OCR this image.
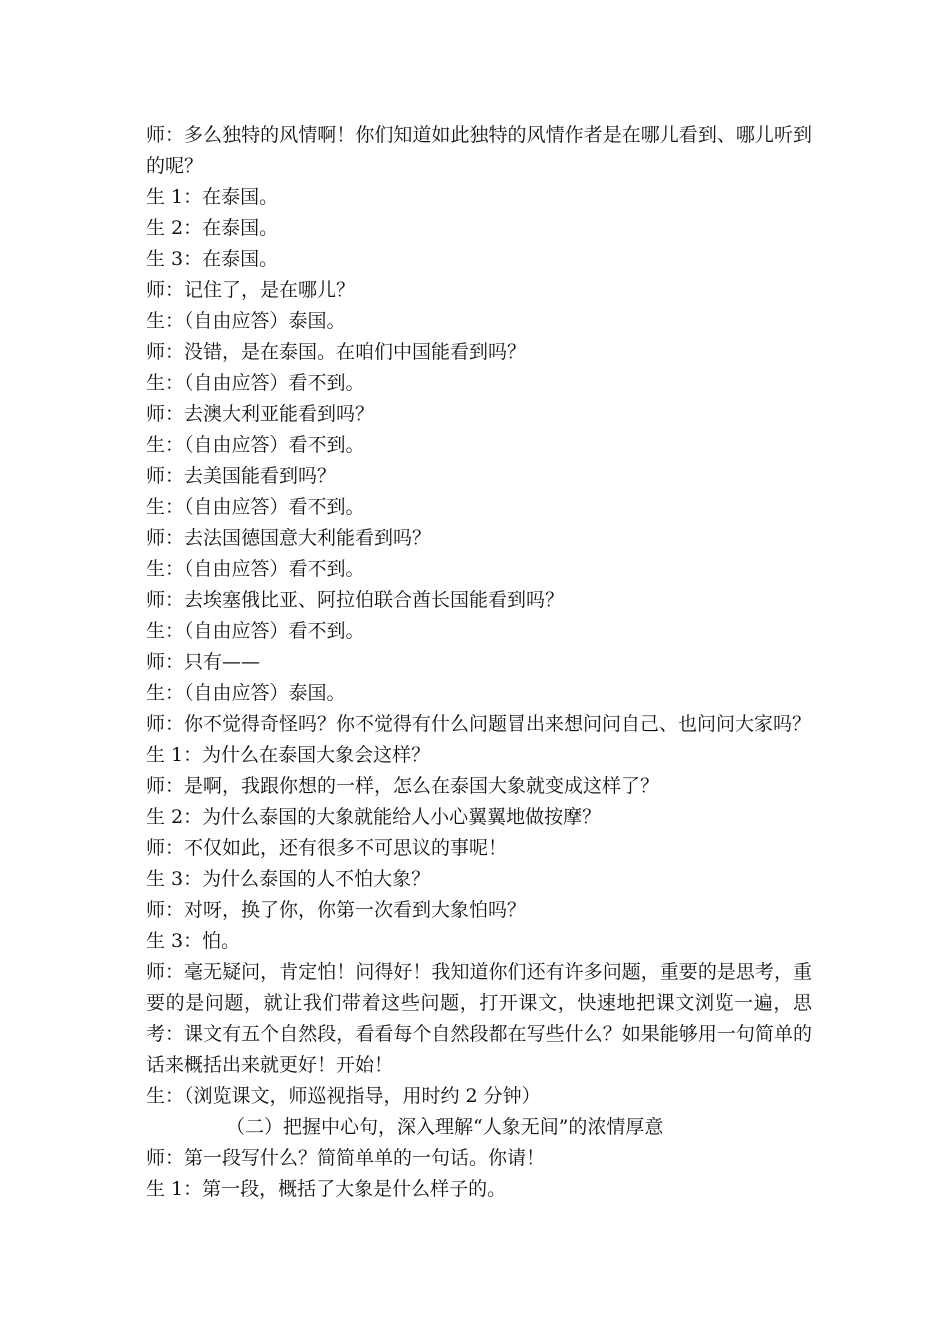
师：多么独特的风情啊！你们知道如此独特的风情作者是在哪儿看到、哪儿听到的呢？

生 1：在泰国。

生 2：在泰国。

生 3：在泰国。

师：记住了，是在哪儿？

生：（自由应答）泰国。

师：没错，是在泰国。在咱们中国能看到吗？

生：（自由应答）看不到。

师：去澳大利亚能看到吗？

生：（自由应答）看不到。

师：去美国能看到吗？

生：（自由应答）看不到。

师：去法国德国意大利能看到吗？

生：（自由应答）看不到。

师：去埃塞俄比亚、阿拉伯联合酋长国能看到吗？

生：（自由应答）看不到。

师：只有——

生：（自由应答）泰国。

师：你不觉得奇怪吗？你不觉得有什么问题冒出来想问问自己、也问问大家吗？

生 1：为什么在泰国大象会这样？

师：是啊，我跟你想的一样，怎么在泰国大象就变成这样了？

生 2：为什么泰国的大象就能给人小心翼翼地做按摩？

师：不仅如此，还有很多不可思议的事呢！

生 3：为什么泰国的人不怕大象？

师：对呀，换了你，你第一次看到大象怕吗？

生 3：怕。

师：毫无疑问，肯定怕！问得好！我知道你们还有许多问题，重要的是思考，重要的是问题，就让我们带着这些问题，打开课文，快速地把课文浏览一遍，思考：课文有五个自然段，看看每个自然段都在写些什么？如果能够用一句简单的话来概括出来就更好！开始！

生：（浏览课文，师巡视指导，用时约 2 分钟）

（二）把握中心句，深入理解“人象无间”的浓情厚意

师：第一段写什么？简简单单的一句话。你请！

生 1：第一段，概括了大象是什么样子的。
